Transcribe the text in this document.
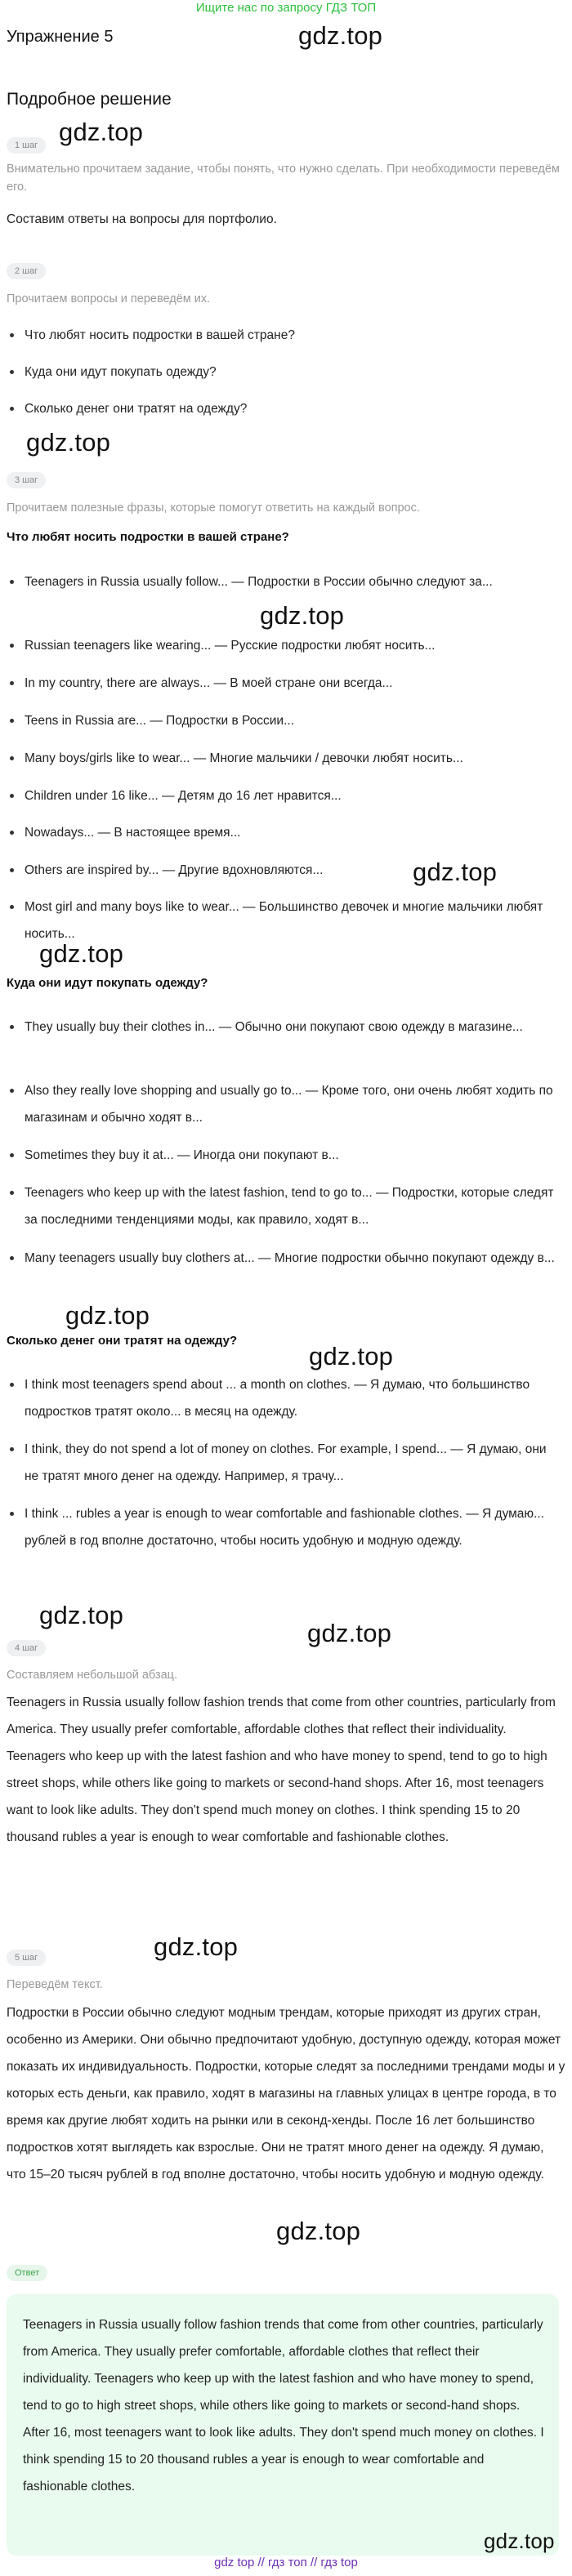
Ищите нас по запросу ГДЗ ТОП
gdz.top
Упражнение 5
Подробное решение
gdz.top
1 шаг
Внимательно прочитаем задание, чтобы понять, что нужно сделать. При необходимости переведём его.
Составим ответы на вопросы для портфолио.
2 шаг
Прочитаем вопросы и переведём их.
Что любят носить подростки в вашей стране?
Куда они идут покупать одежду?
Сколько денег они тратят на одежду?
gdz.top
3 шаг
Прочитаем полезные фразы, которые помогут ответить на каждый вопрос.
Что любят носить подростки в вашей стране?
Teenagers in Russia usually follow... — Подростки в России обычно следуют за...
gdz.top
Russian teenagers like wearing... — Русские подростки любят носить...
In my country, there are always... — В моей стране они всегда...
Teens in Russia are... — Подростки в России...
Many boys/girls like to wear... — Многие мальчики / девочки любят носить...
Children under 16 like... — Детям до 16 лет нравится...
Nowadays... — В настоящее время...
Others are inspired by... — Другие вдохновляются...	gdz.top
Most girl and many boys like to wear... — Большинство девочек и многие мальчики любят носить...
gdz.top
Куда они идут покупать одежду?
They usually buy their clothes in... — Обычно они покупают свою одежду в магазине...
Also they really love shopping and usually go to... — Кроме того, они очень любят ходить по магазинам и обычно ходят в...
Sometimes they buy it at... — Иногда они покупают в...
Teenagers who keep up with the latest fashion, tend to go to... — Подростки, которые следят за последними тенденциями моды, как правило, ходят в...
Many teenagers usually buy clothers at... — Многие подростки обычно покупают одежду в...
gdz.top
Сколько денег они тратят на одежду?
gdz.top
I think most teenagers spend about ... a month on clothes. — Я думаю, что большинство подростков тратят около... в месяц на одежду.
I think, they do not spend a lot of money on clothes. For example, I spend... — Я думаю, они не тратят много денег на одежду. Например, я трачу...
I think ... rubles a year is enough to wear comfortable and fashionable clothes. — Я думаю... рублей в год вполне достаточно, чтобы носить удобную и модную одежду.
gdz.top
4 шаг
gdz.top
Составляем небольшой абзац.
Teenagers in Russia usually follow fashion trends that come from other countries, particularly from America. They usually prefer comfortable, affordable clothes that reflect their individuality. Teenagers who keep up with the latest fashion and who have money to spend, tend to go to high street shops, while others like going to markets or second-hand shops. After 16, most teenagers want to look like adults. They don't spend much money on clothes. I think spending 15 to 20 thousand rubles a year is enough to wear comfortable and fashionable clothes.
5 шаг	gdz.top
Переведём текст.
Подростки в России обычно следуют модным трендам, которые приходят из других стран, особенно из Америки. Они обычно предпочитают удобную, доступную одежду, которая может показать их индивидуальность. Подростки, которые следят за последними трендами моды и у которых есть деньги, как правило, ходят в магазины на главных улицах в центре города, в то время как другие любят ходить на рынки или в секонд-хенды. После 16 лет большинство подростков хотят выглядеть как взрослые. Они не тратят много денег на одежду. Я думаю, что 15–20 тысяч рублей в год вполне достаточно, чтобы носить удобную и модную одежду.
gdz.top
Ответ
Teenagers in Russia usually follow fashion trends that come from other countries, particularly from America. They usually prefer comfortable, affordable clothes that reflect their individuality. Teenagers who keep up with the latest fashion and who have money to spend, tend to go to high street shops, while others like going to markets or second-hand shops. After 16, most teenagers want to look like adults. They don't spend much money on clothes. I think spending 15 to 20 thousand rubles a year is enough to wear comfortable and fashionable clothes.
gdz.top
gdz top // гдз топ // гдз top
